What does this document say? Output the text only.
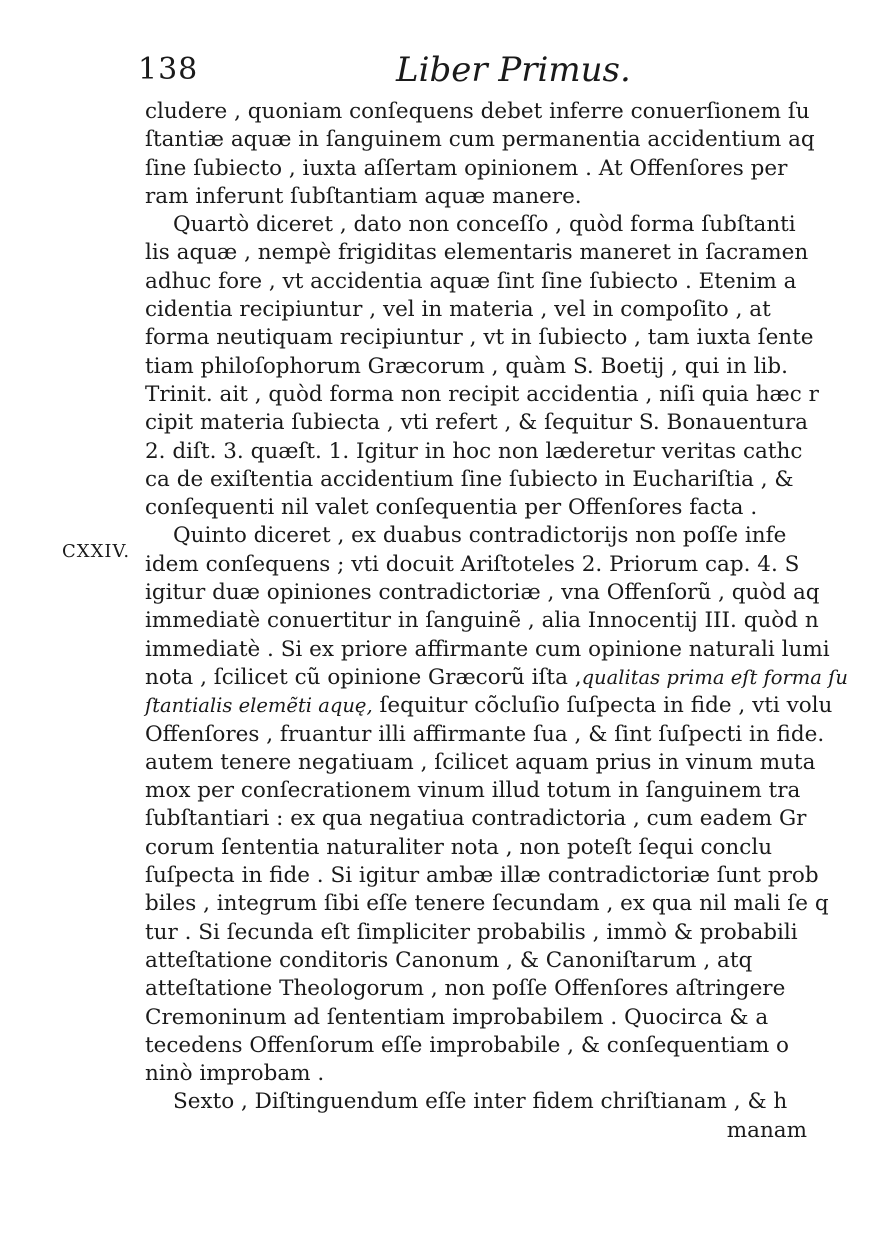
138	Liber Primus.
CXXIV.
cludere , quoniam conſequens debet inferre conuerſionem ſu
ſtantiæ aquæ in ſanguinem cum permanentia accidentium aq
ſine ſubiecto , iuxta aſſertam opinionem . At Offenſores per
ram inferunt ſubſtantiam aquæ manere.
Quartò diceret , dato non conceſſo , quòd forma ſubſtanti
lis aquæ , nempè frigiditas elementaris maneret in ſacramen
adhuc fore , vt accidentia aquæ ſint ſine ſubiecto . Etenim a
cidentia recipiuntur , vel in materia , vel in compoſito , at
forma neutiquam recipiuntur , vt in ſubiecto , tam iuxta ſente
tiam philoſophorum Græcorum , quàm S. Boetij , qui in lib.
Trinit. ait , quòd forma non recipit accidentia , niſi quia hæc r
cipit materia ſubiecta , vti refert , & ſequitur S. Bonauentura
2. diſt. 3. quæſt. 1. Igitur in hoc non læderetur veritas cathc
ca de exiſtentia accidentium ſine ſubiecto in Euchariſtia , &
conſequenti nil valet conſequentia per Offenſores facta .
Quinto diceret , ex duabus contradictorijs non poſſe infe
idem conſequens ; vti docuit Ariſtoteles 2. Priorum cap. 4. S
igitur duæ opiniones contradictoriæ , vna Offenſorũ , quòd aq
immediatè conuertitur in ſanguinẽ , alia Innocentij III. quòd n
immediatè . Si ex priore affirmante cum opinione naturali lumi
nota , ſcilicet cũ opinione Græcorũ iſta ,qualitas prima eſt forma ſu
ſtantialis elemẽti aquę, ſequitur cõcluſio ſuſpecta in fide , vti volu
Offenſores , fruantur illi affirmante ſua , & ſint ſuſpecti in fide.
autem tenere negatiuam , ſcilicet aquam prius in vinum muta
mox per conſecrationem vinum illud totum in ſanguinem tra
ſubſtantiari : ex qua negatiua contradictoria , cum eadem Gr
corum ſententia naturaliter nota , non poteſt ſequi conclu
ſuſpecta in fide . Si igitur ambæ illæ contradictoriæ ſunt prob
biles , integrum ſibi eſſe tenere ſecundam , ex qua nil mali ſe q
tur . Si ſecunda eſt ſimpliciter probabilis , immò & probabili
atteſtatione conditoris Canonum , & Canoniſtarum , atq
atteſtatione Theologorum , non poſſe Offenſores aſtringere
Cremoninum ad ſententiam improbabilem . Quocirca & a
tecedens Offenſorum eſſe improbabile , & conſequentiam o
ninò improbam .
Sexto , Diſtinguendum eſſe inter fidem chriſtianam , & h
manam
